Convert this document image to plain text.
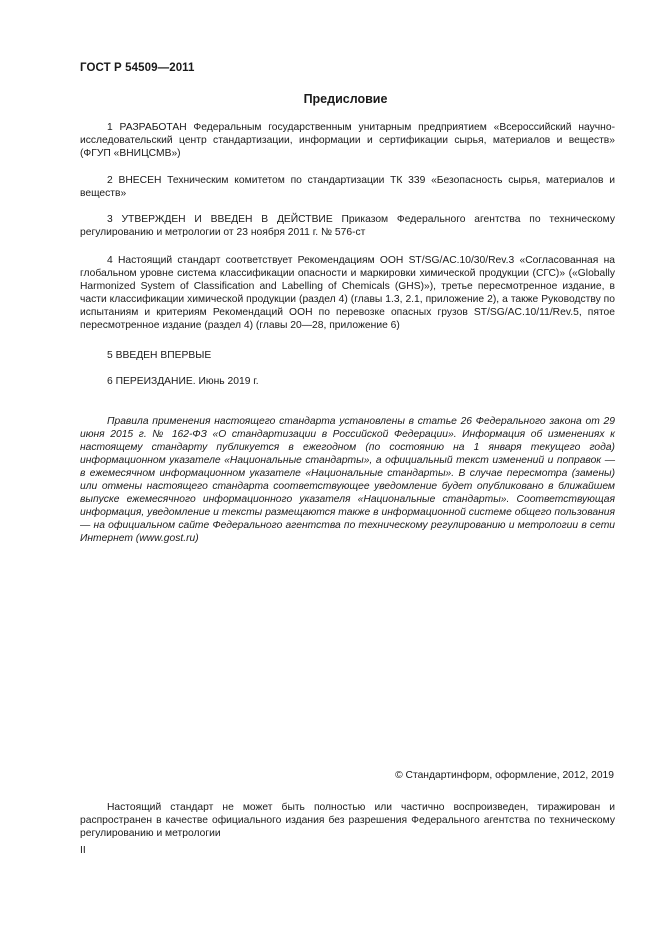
ГОСТ Р 54509—2011
Предисловие
1 РАЗРАБОТАН Федеральным государственным унитарным предприятием «Всероссийский научно-исследовательский центр стандартизации, информации и сертификации сырья, материалов и веществ» (ФГУП «ВНИЦСМВ»)
2 ВНЕСЕН Техническим комитетом по стандартизации ТК 339 «Безопасность сырья, материалов и веществ»
3 УТВЕРЖДЕН И ВВЕДЕН В ДЕЙСТВИЕ Приказом Федерального агентства по техническому регулированию и метрологии от 23 ноября 2011 г. № 576-ст
4 Настоящий стандарт соответствует Рекомендациям ООН ST/SG/AC.10/30/Rev.3 «Согласованная на глобальном уровне система классификации опасности и маркировки химической продукции (СГС)» («Globally Harmonized System of Classification and Labelling of Chemicals (GHS)»), третье пересмотренное издание, в части классификации химической продукции (раздел 4) (главы 1.3, 2.1, приложение 2), а также Руководству по испытаниям и критериям Рекомендаций ООН по перевозке опасных грузов ST/SG/AC.10/11/Rev.5, пятое пересмотренное издание (раздел 4) (главы 20—28, приложение 6)
5 ВВЕДЕН ВПЕРВЫЕ
6 ПЕРЕИЗДАНИЕ. Июнь 2019 г.
Правила применения настоящего стандарта установлены в статье 26 Федерального закона от 29 июня 2015 г. № 162-ФЗ «О стандартизации в Российской Федерации». Информация об изменениях к настоящему стандарту публикуется в ежегодном (по состоянию на 1 января текущего года) информационном указателе «Национальные стандарты», а официальный текст изменений и поправок — в ежемесячном информационном указателе «Национальные стандарты». В случае пересмотра (замены) или отмены настоящего стандарта соответствующее уведомление будет опубликовано в ближайшем выпуске ежемесячного информационного указателя «Национальные стандарты». Соответствующая информация, уведомление и тексты размещаются также в информационной системе общего пользования — на официальном сайте Федерального агентства по техническому регулированию и метрологии в сети Интернет (www.gost.ru)
© Стандартинформ, оформление, 2012, 2019
Настоящий стандарт не может быть полностью или частично воспроизведен, тиражирован и распространен в качестве официального издания без разрешения Федерального агентства по техническому регулированию и метрологии
II
